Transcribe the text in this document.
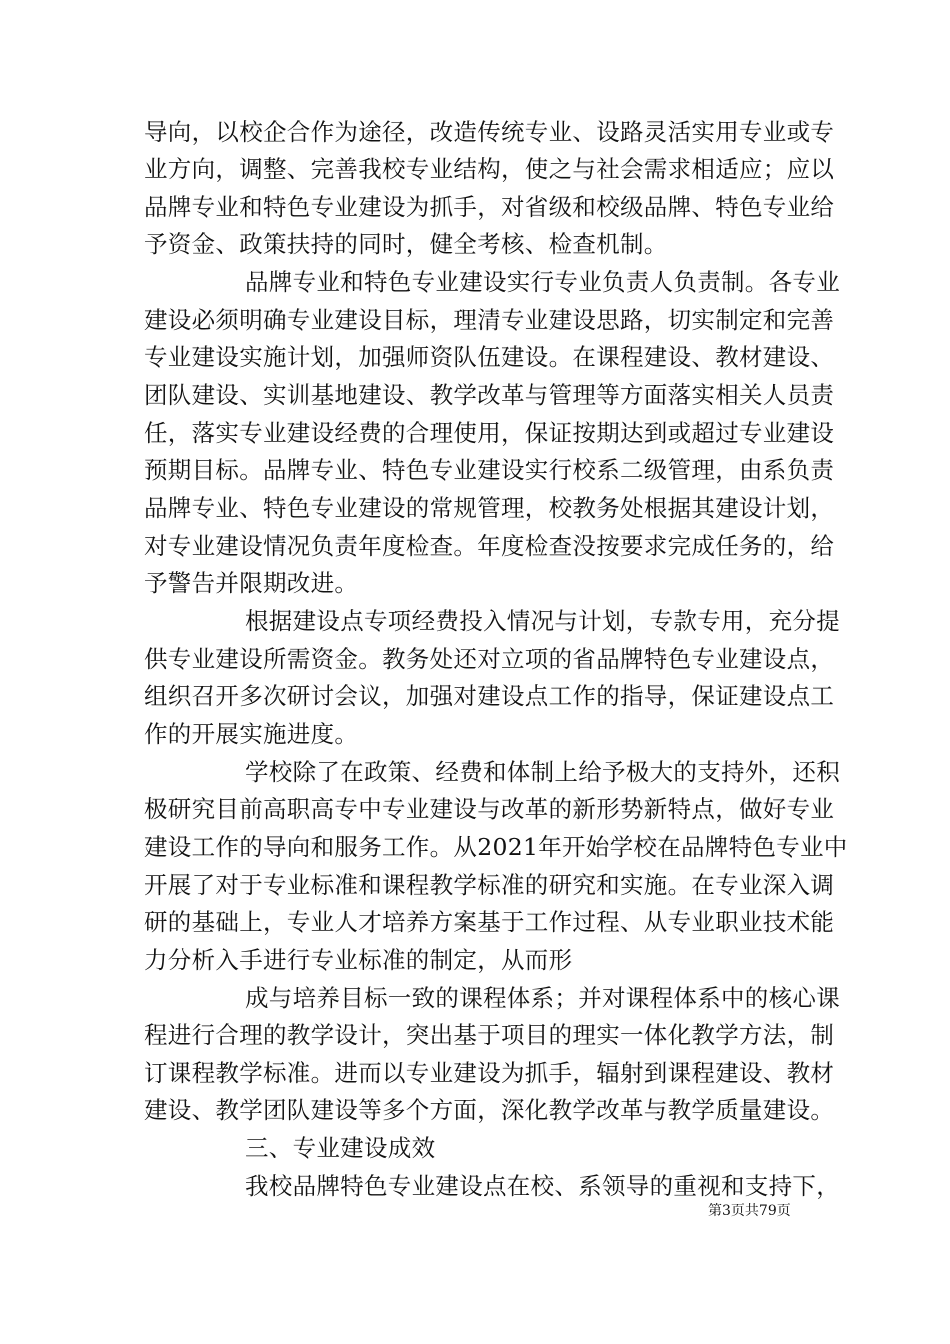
导向，以校企合作为途径，改造传统专业、设路灵活实用专业或专
业方向，调整、完善我校专业结构，使之与社会需求相适应；应以
品牌专业和特色专业建设为抓手，对省级和校级品牌、特色专业给
予资金、政策扶持的同时，健全考核、检查机制。
品牌专业和特色专业建设实行专业负责人负责制。各专业
建设必须明确专业建设目标，理清专业建设思路，切实制定和完善
专业建设实施计划，加强师资队伍建设。在课程建设、教材建设、
团队建设、实训基地建设、教学改革与管理等方面落实相关人员责
任，落实专业建设经费的合理使用，保证按期达到或超过专业建设
预期目标。品牌专业、特色专业建设实行校系二级管理，由系负责
品牌专业、特色专业建设的常规管理，校教务处根据其建设计划，
对专业建设情况负责年度检查。年度检查没按要求完成任务的，给
予警告并限期改进。
根据建设点专项经费投入情况与计划，专款专用，充分提
供专业建设所需资金。教务处还对立项的省品牌特色专业建设点，
组织召开多次研讨会议，加强对建设点工作的指导，保证建设点工
作的开展实施进度。
学校除了在政策、经费和体制上给予极大的支持外，还积
极研究目前高职高专中专业建设与改革的新形势新特点，做好专业
建设工作的导向和服务工作。从2021年开始学校在品牌特色专业中
开展了对于专业标准和课程教学标准的研究和实施。在专业深入调
研的基础上，专业人才培养方案基于工作过程、从专业职业技术能
力分析入手进行专业标准的制定，从而形
成与培养目标一致的课程体系；并对课程体系中的核心课
程进行合理的教学设计，突出基于项目的理实一体化教学方法，制
订课程教学标准。进而以专业建设为抓手，辐射到课程建设、教材
建设、教学团队建设等多个方面，深化教学改革与教学质量建设。
三、专业建设成效
我校品牌特色专业建设点在校、系领导的重视和支持下，
第3页共79页
